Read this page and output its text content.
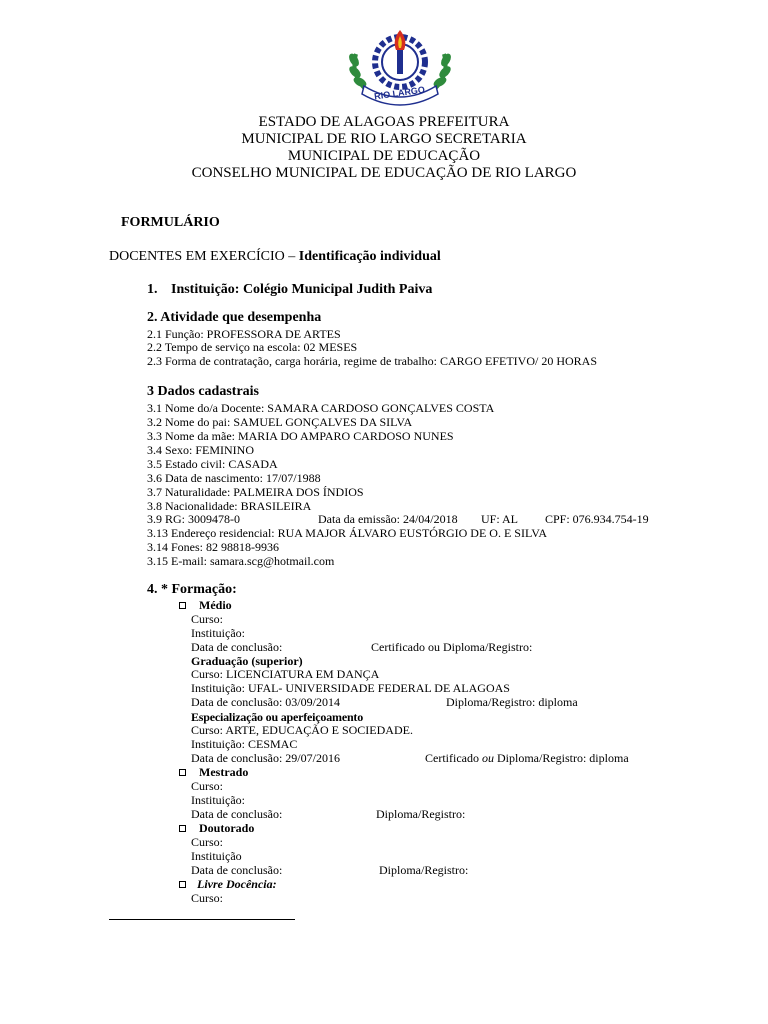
RIO LARGO
ESTADO DE ALAGOAS PREFEITURA
MUNICIPAL DE RIO LARGO SECRETARIA
MUNICIPAL DE EDUCAÇÃO
CONSELHO MUNICIPAL DE EDUCAÇÃO DE RIO LARGO
FORMULÁRIO
DOCENTES EM EXERCÍCIO – Identificação individual
1. Instituição: Colégio Municipal Judith Paiva
2. Atividade que desempenha
2.1 Função: PROFESSORA DE ARTES
2.2 Tempo de serviço na escola: 02 MESES
2.3 Forma de contratação, carga horária, regime de trabalho: CARGO EFETIVO/ 20 HORAS
3 Dados cadastrais
3.1 Nome do/a Docente: SAMARA CARDOSO GONÇALVES COSTA
3.2 Nome do pai: SAMUEL GONÇALVES DA SILVA
3.3 Nome da mãe: MARIA DO AMPARO CARDOSO NUNES
3.4 Sexo: FEMININO
3.5 Estado civil: CASADA
3.6 Data de nascimento: 17/07/1988
3.7 Naturalidade: PALMEIRA DOS ÍNDIOS
3.8 Nacionalidade: BRASILEIRA
3.9 RG: 3009478-0	Data da emissão: 24/04/2018 UF: AL CPF: 076.934.754-19
3.13 Endereço residencial: RUA MAJOR ÁLVARO EUSTÓRGIO DE O. E SILVA
3.14 Fones: 82 98818-9936
3.15 E-mail: samara.scg@hotmail.com
4. * Formação:
Médio
Curso:
Instituição:
Data de conclusão:	Certificado ou Diploma/Registro:
Graduação (superior)
Curso: LICENCIATURA EM DANÇA
Instituição: UFAL- UNIVERSIDADE FEDERAL DE ALAGOAS
Data de conclusão: 03/09/2014	Diploma/Registro: diploma
Especialização ou aperfeiçoamento
Curso: ARTE, EDUCAÇÃO E SOCIEDADE.
Instituição: CESMAC
Data de conclusão: 29/07/2016	Certificado ou Diploma/Registro: diploma
Mestrado
Curso:
Instituição:
Data de conclusão:	Diploma/Registro:
Doutorado
Curso:
Instituição
Data de conclusão:	Diploma/Registro:
Livre Docência:
Curso:
